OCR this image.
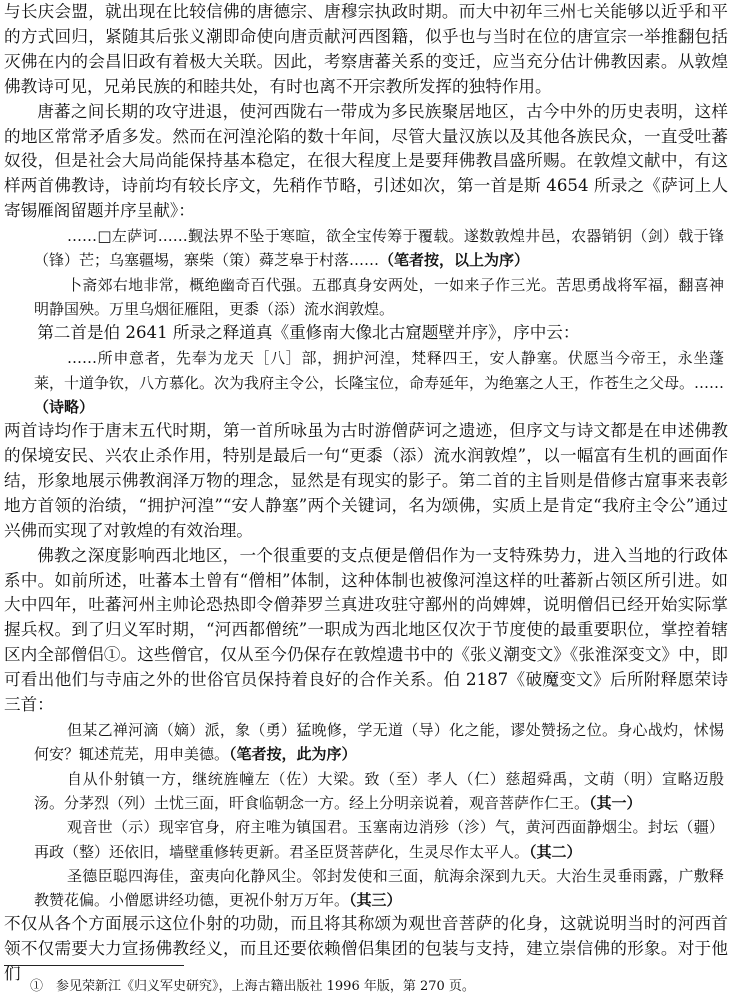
与长庆会盟，就出现在比较信佛的唐德宗、唐穆宗执政时期。而大中初年三州七关能够以近乎和平的方式回归，紧随其后张义潮即命使向唐贡献河西图籍，似乎也与当时在位的唐宣宗一举推翻包括灭佛在内的会昌旧政有着极大关联。因此，考察唐蕃关系的变迁，应当充分估计佛教因素。从敦煌佛教诗可见，兄弟民族的和睦共处，有时也离不开宗教所发挥的独特作用。

唐蕃之间长期的攻守进退，使河西陇右一带成为多民族聚居地区，古今中外的历史表明，这样的地区常常矛盾多发。然而在河湟沦陷的数十年间，尽管大量汉族以及其他各族民众，一直受吐蕃奴役，但是社会大局尚能保持基本稳定，在很大程度上是要拜佛教昌盛所赐。在敦煌文献中，有这样两首佛教诗，诗前均有较长序文，先稍作节略，引述如次，第一首是斯 4654 所录之《萨诃上人寄锡雁阁留题并序呈献》：

……□左萨诃……觐法界不坠于寒暄，欲全宝传筹于覆载。遂数敦煌井邑，农器销钥（剑）戟于锋（锋）芒；乌塞疆埸，寨柴（策）蕣芝皋于村落……（笔者按，以上为序）

卜斋郊右地非常，概绝幽奇百代强。五郡真身安两处，一如来子作三光。苦思勇战将军福，翻喜神明静国殃。万里乌烟征雁阻，更黍（添）流水润敦煌。

第二首是伯 2641 所录之释道真《重修南大像北古窟题壁并序》，序中云：

……所申意者，先奉为龙天［八］部，拥护河湟，梵释四王，安人静塞。伏愿当今帝王，永坐蓬莱，十道争钦，八方慕化。次为我府主令公，长隆宝位，命寿延年，为绝塞之人王，作苍生之父母。……（诗略）

两首诗均作于唐末五代时期，第一首所咏虽为古时游僧萨诃之遗迹，但序文与诗文都是在申述佛教的保境安民、兴农止杀作用，特别是最后一句“更黍（添）流水润敦煌”，以一幅富有生机的画面作结，形象地展示佛教润泽万物的理念，显然是有现实的影子。第二首的主旨则是借修古窟事来表彰地方首领的治绩，“拥护河湟”“安人静塞”两个关键词，名为颂佛，实质上是肯定“我府主令公”通过兴佛而实现了对敦煌的有效治理。

佛教之深度影响西北地区，一个很重要的支点便是僧侣作为一支特殊势力，进入当地的行政体系中。如前所述，吐蕃本土曾有“僧相”体制，这种体制也被像河湟这样的吐蕃新占领区所引进。如大中四年，吐蕃河州主帅论恐热即令僧莽罗兰真进攻驻守鄯州的尚婢婢，说明僧侣已经开始实际掌握兵权。到了归义军时期，“河西都僧统”一职成为西北地区仅次于节度使的最重要职位，掌控着辖区内全部僧侣①。这些僧官，仅从至今仍保存在敦煌遗书中的《张义潮变文》《张淮深变文》中，即可看出他们与寺庙之外的世俗官员保持着良好的合作关系。伯 2187《破魔变文》后所附释愿荣诗三首：

但某乙禅河滴（嫡）派，象（勇）猛晚修，学无道（导）化之能，谬处赞扬之位。身心战灼，怵惕何安？辄述荒芜，用申美德。（笔者按，此为序）

自从仆射镇一方，继统旌幢左（佐）大梁。致（至）孝人（仁）慈超舜禹，文萌（明）宣略迈殷汤。分茅烈（列）土忧三面，旰食临朝念一方。经上分明亲说着，观音菩萨作仁王。（其一）

观音世（示）现宰官身，府主唯为镇国君。玉塞南边消殄（沴）气，黄河西面静烟尘。封坛（疆）再政（整）还依旧，墙壁重修转更新。君圣臣贤菩萨化，生灵尽作太平人。（其二）

圣德臣聪四海佳，蛮夷向化静风尘。邻封发使和三面，航海余深到九天。大治生灵垂雨露，广敷释教赞花偏。小僧愿讲经功德，更祝仆射万万年。（其三）

不仅从各个方面展示这位仆射的功勋，而且将其称颂为观世音菩萨的化身，这就说明当时的河西首领不仅需要大力宣扬佛教经义，而且还要依赖僧侣集团的包装与支持，建立崇信佛的形象。对于他们

①　参见荣新江《归义军史研究》，上海古籍出版社 1996 年版，第 270 页。
